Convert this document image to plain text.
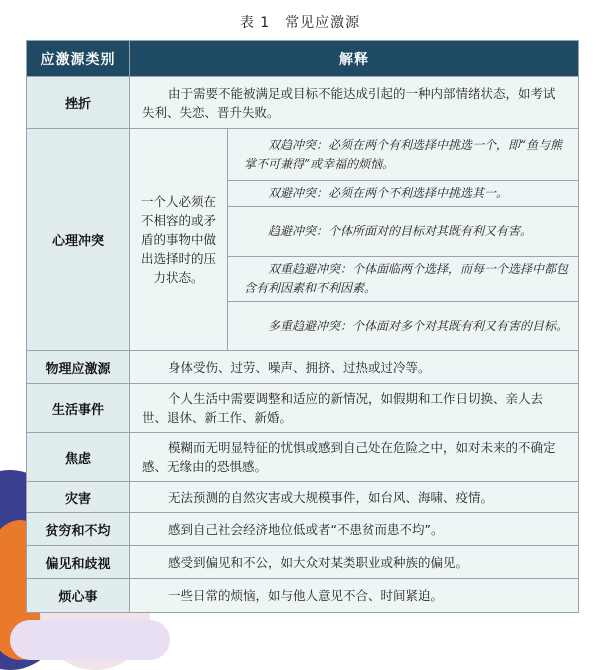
表 1　常见应激源
应激源类别	解释	
挫折	由于需要不能被满足或目标不能达成引起的一种内部情绪状态，如考试失利、失恋、晋升失败。	
心理冲突	一个人必须在不相容的或矛盾的事物中做出选择时的压力状态。	双趋冲突：必须在两个有利选择中挑选一个，即“鱼与熊掌不可兼得”或幸福的烦恼。
		双避冲突：必须在两个不利选择中挑选其一。
		趋避冲突：个体所面对的目标对其既有利又有害。
		双重趋避冲突：个体面临两个选择，而每一个选择中都包含有利因素和不利因素。
		多重趋避冲突：个体面对多个对其既有利又有害的目标。
物理应激源	身体受伤、过劳、噪声、拥挤、过热或过冷等。	
生活事件	个人生活中需要调整和适应的新情况，如假期和工作日切换、亲人去世、退休、新工作、新婚。	
焦虑	模糊而无明显特征的忧惧或感到自己处在危险之中，如对未来的不确定感、无缘由的恐惧感。	
灾害	无法预测的自然灾害或大规模事件，如台风、海啸、疫情。	
贫穷和不均	感到自己社会经济地位低或者“不患贫而患不均”。	
偏见和歧视	感受到偏见和不公，如大众对某类职业或种族的偏见。	
烦心事	一些日常的烦恼，如与他人意见不合、时间紧迫。	
